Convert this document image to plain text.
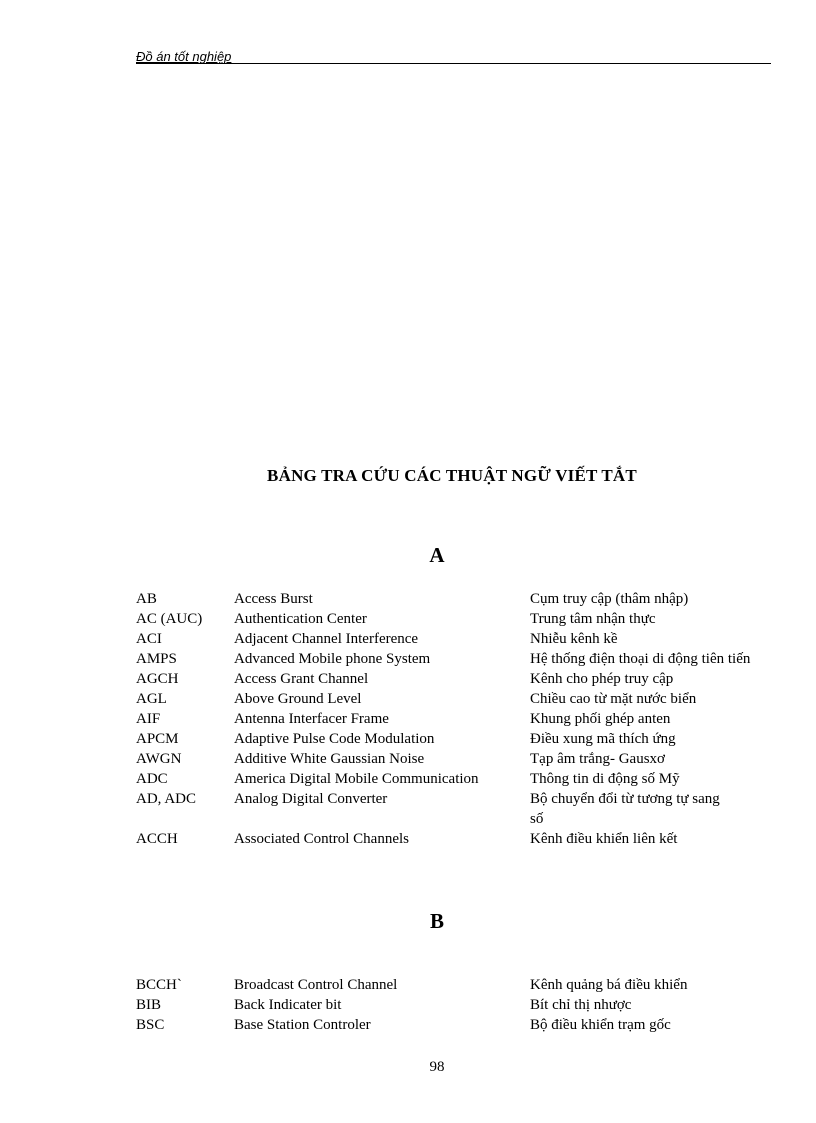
Đồ án tốt nghiệp
BẢNG TRA CỨU CÁC THUẬT NGỮ VIẾT TẮT
A
AB	Access Burst	Cụm truy cập (thâm nhập)
AC (AUC)	Authentication Center	Trung tâm nhận thực
ACI	Adjacent Channel Interference	Nhiễu kênh kề
AMPS	Advanced Mobile phone System	Hệ thống điện thoại di động tiên tiến
AGCH	Access Grant Channel	Kênh cho phép truy cập
AGL	Above Ground Level	Chiều cao từ mặt nước biển
AIF	Antenna Interfacer Frame	Khung phối ghép anten
APCM	Adaptive Pulse Code Modulation	Điều xung mã thích ứng
AWGN	Additive White Gaussian Noise	Tạp âm trắng- Gausxơ
ADC	America Digital Mobile Communication	Thông tin di động số Mỹ
AD, ADC	Analog Digital Converter	Bộ chuyển đổi từ tương tự sang số
ACCH	Associated Control Channels	Kênh điều khiển liên kết
B
BCCH`	Broadcast Control Channel	Kênh quảng bá điều khiển
BIB	Back Indicater bit	Bít chỉ thị nhược
BSC	Base Station Controler	Bộ điều khiển trạm gốc
98
